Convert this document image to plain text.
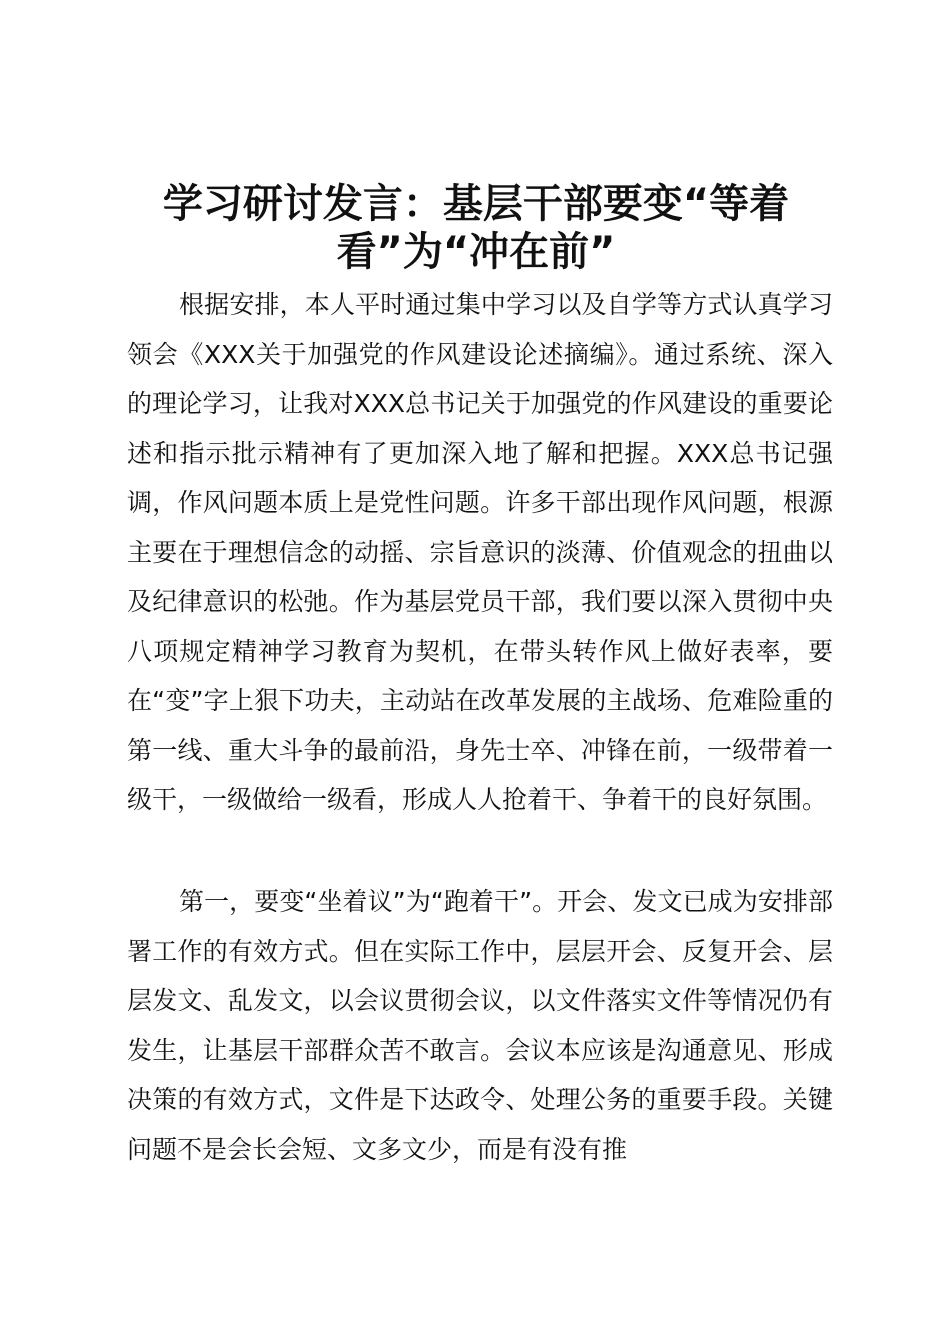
学习研讨发言：基层干部要变“等着看”为“冲在前”

根据安排，本人平时通过集中学习以及自学等方式认真学习领会《XXX关于加强党的作风建设论述摘编》。通过系统、深入的理论学习，让我对XXX总书记关于加强党的作风建设的重要论述和指示批示精神有了更加深入地了解和把握。XXX总书记强调，作风问题本质上是党性问题。许多干部出现作风问题，根源主要在于理想信念的动摇、宗旨意识的淡薄、价值观念的扭曲以及纪律意识的松弛。作为基层党员干部，我们要以深入贯彻中央八项规定精神学习教育为契机，在带头转作风上做好表率，要在“变”字上狠下功夫，主动站在改革发展的主战场、危难险重的第一线、重大斗争的最前沿，身先士卒、冲锋在前，一级带着一级干，一级做给一级看，形成人人抢着干、争着干的良好氛围。

第一，要变“坐着议”为“跑着干”。开会、发文已成为安排部署工作的有效方式。但在实际工作中，层层开会、反复开会、层层发文、乱发文，以会议贯彻会议，以文件落实文件等情况仍有发生，让基层干部群众苦不敢言。会议本应该是沟通意见、形成决策的有效方式，文件是下达政令、处理公务的重要手段。关键问题不是会长会短、文多文少，而是有没有推
